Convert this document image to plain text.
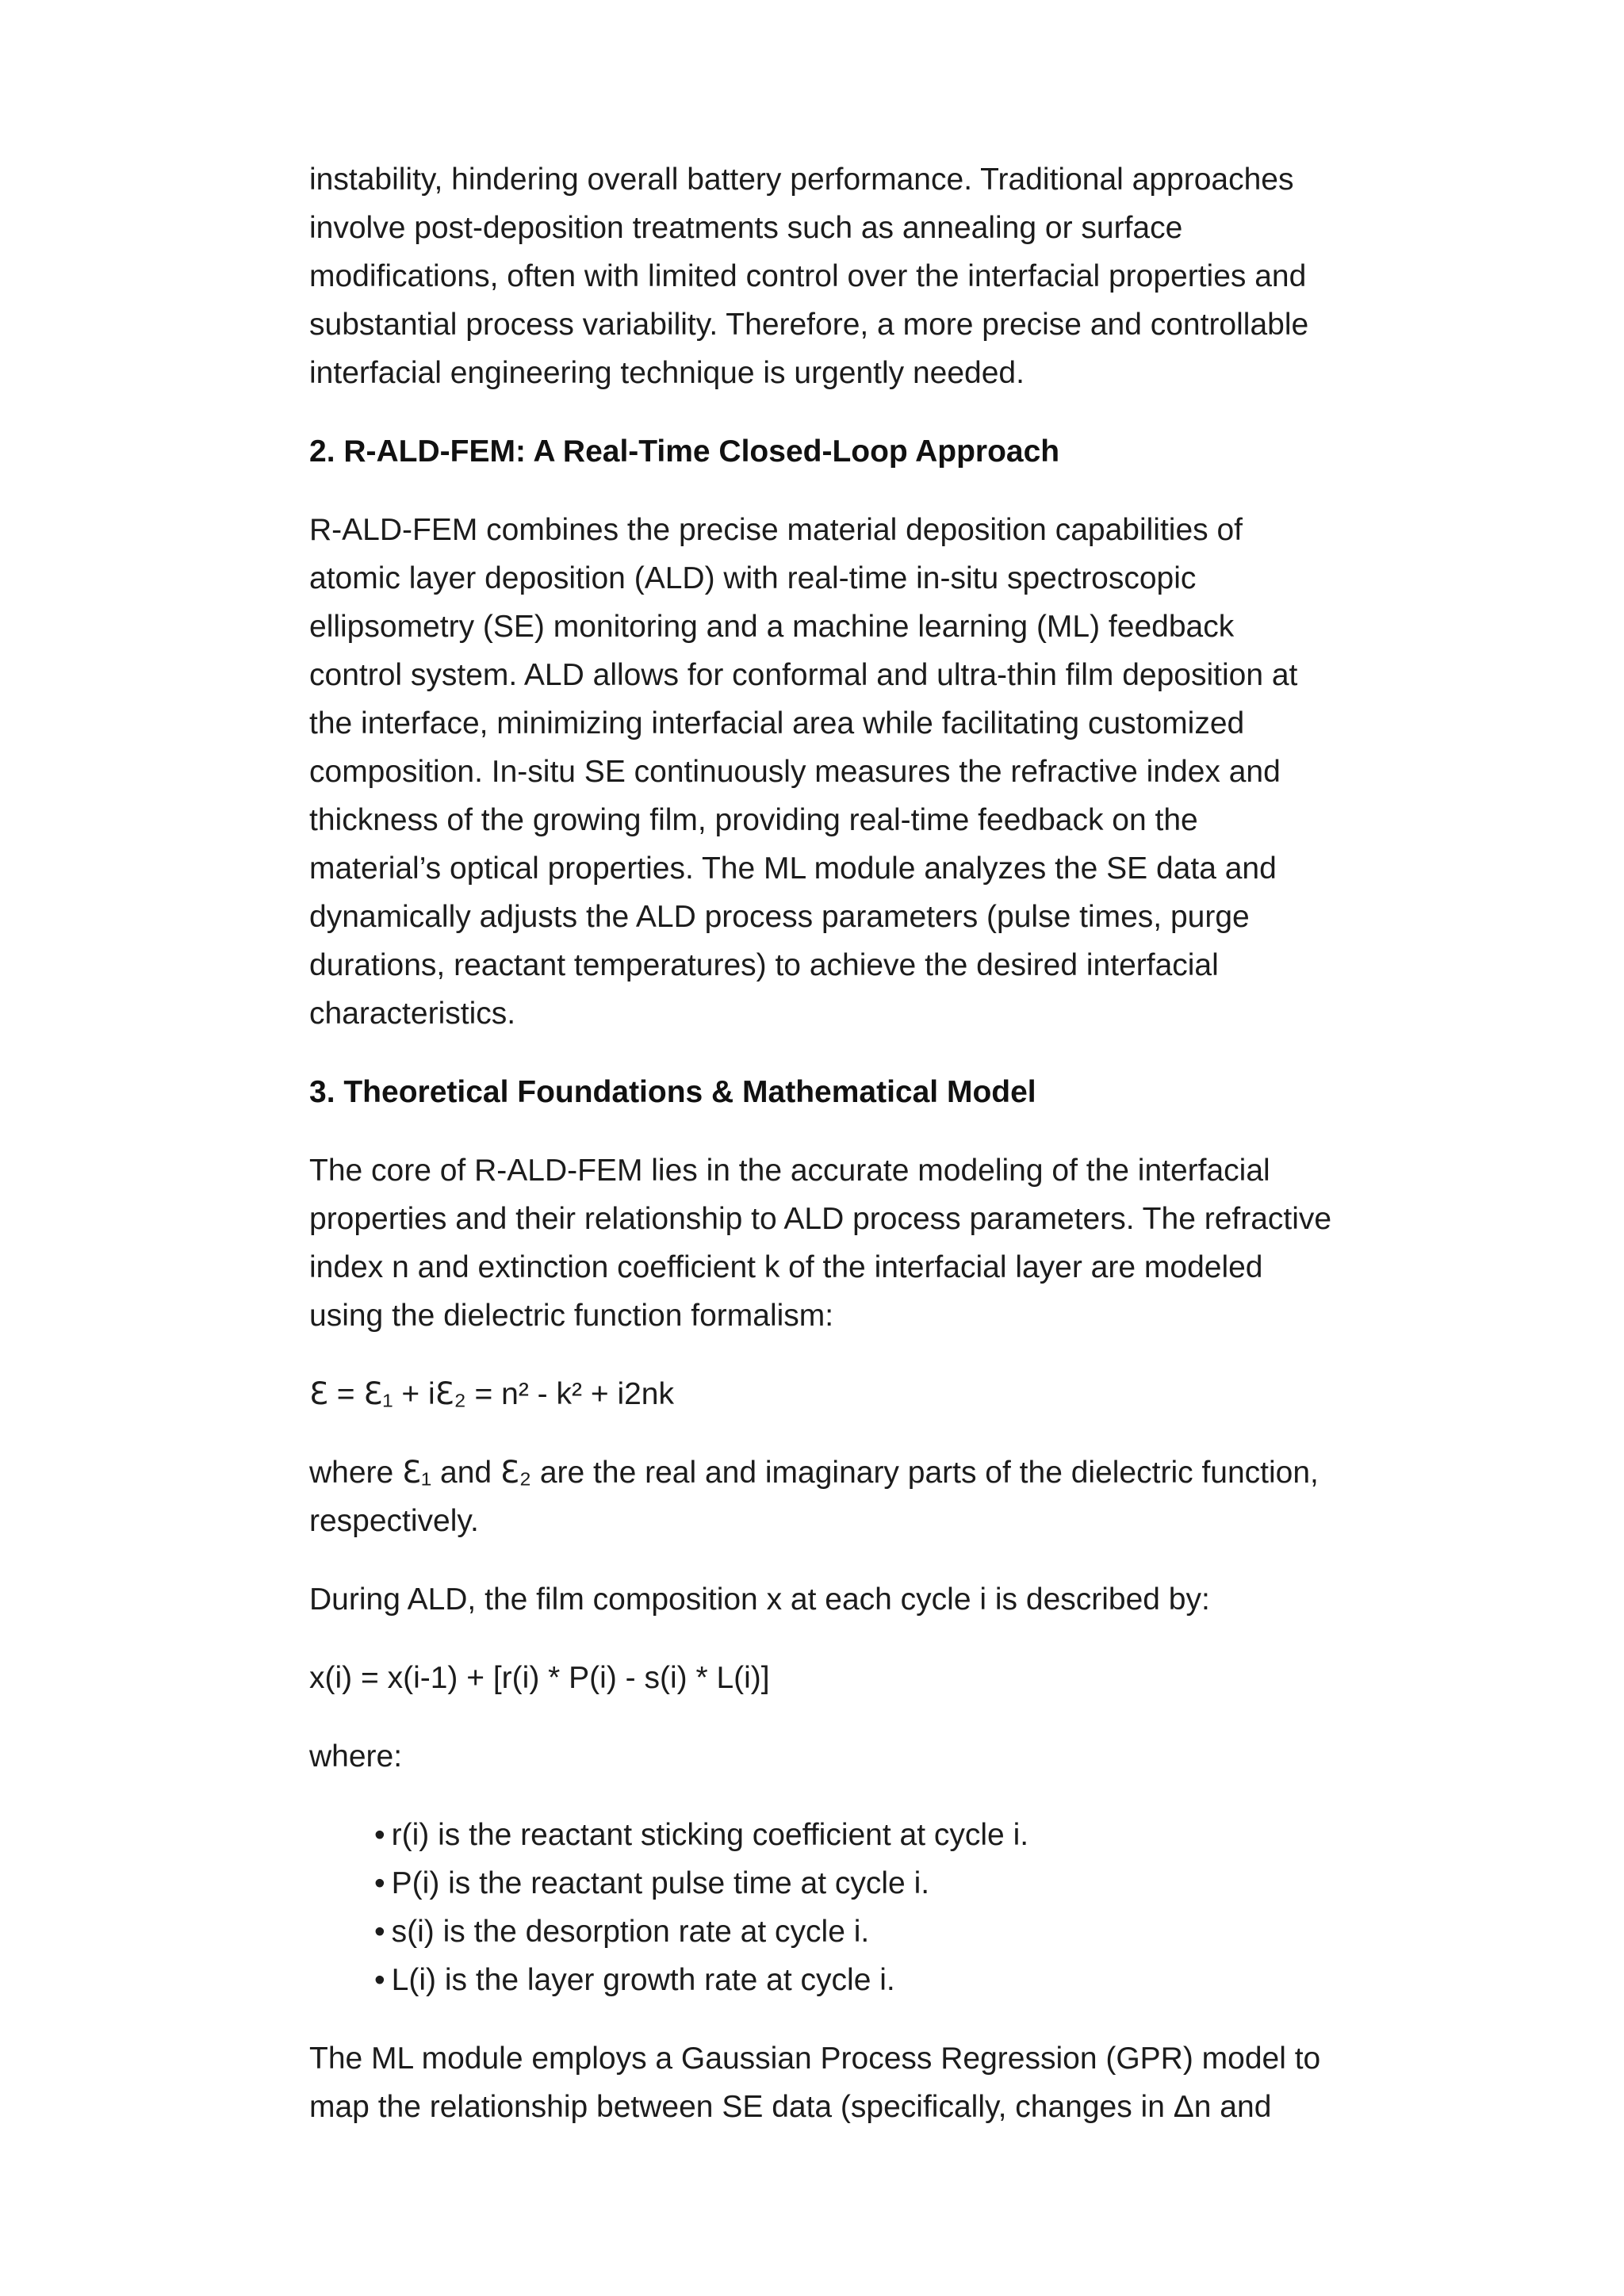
instability, hindering overall battery performance. Traditional approaches involve post-deposition treatments such as annealing or surface modifications, often with limited control over the interfacial properties and substantial process variability. Therefore, a more precise and controllable interfacial engineering technique is urgently needed.

2. R-ALD-FEM: A Real-Time Closed-Loop Approach

R-ALD-FEM combines the precise material deposition capabilities of atomic layer deposition (ALD) with real-time in-situ spectroscopic ellipsometry (SE) monitoring and a machine learning (ML) feedback control system. ALD allows for conformal and ultra-thin film deposition at the interface, minimizing interfacial area while facilitating customized composition. In-situ SE continuously measures the refractive index and thickness of the growing film, providing real-time feedback on the material’s optical properties. The ML module analyzes the SE data and dynamically adjusts the ALD process parameters (pulse times, purge durations, reactant temperatures) to achieve the desired interfacial characteristics.

3. Theoretical Foundations & Mathematical Model

The core of R-ALD-FEM lies in the accurate modeling of the interfacial properties and their relationship to ALD process parameters. The refractive index n and extinction coefficient k of the interfacial layer are modeled using the dielectric function formalism:

ℇ = ℇ₁ + iℇ₂ = n² - k² + i2nk

where ℇ₁ and ℇ₂ are the real and imaginary parts of the dielectric function, respectively.

During ALD, the film composition x at each cycle i is described by:

x(i) = x(i-1) + [r(i) * P(i) - s(i) * L(i)]

where:

• r(i) is the reactant sticking coefficient at cycle i.
• P(i) is the reactant pulse time at cycle i.
• s(i) is the desorption rate at cycle i.
• L(i) is the layer growth rate at cycle i.

The ML module employs a Gaussian Process Regression (GPR) model to map the relationship between SE data (specifically, changes in Δn and
